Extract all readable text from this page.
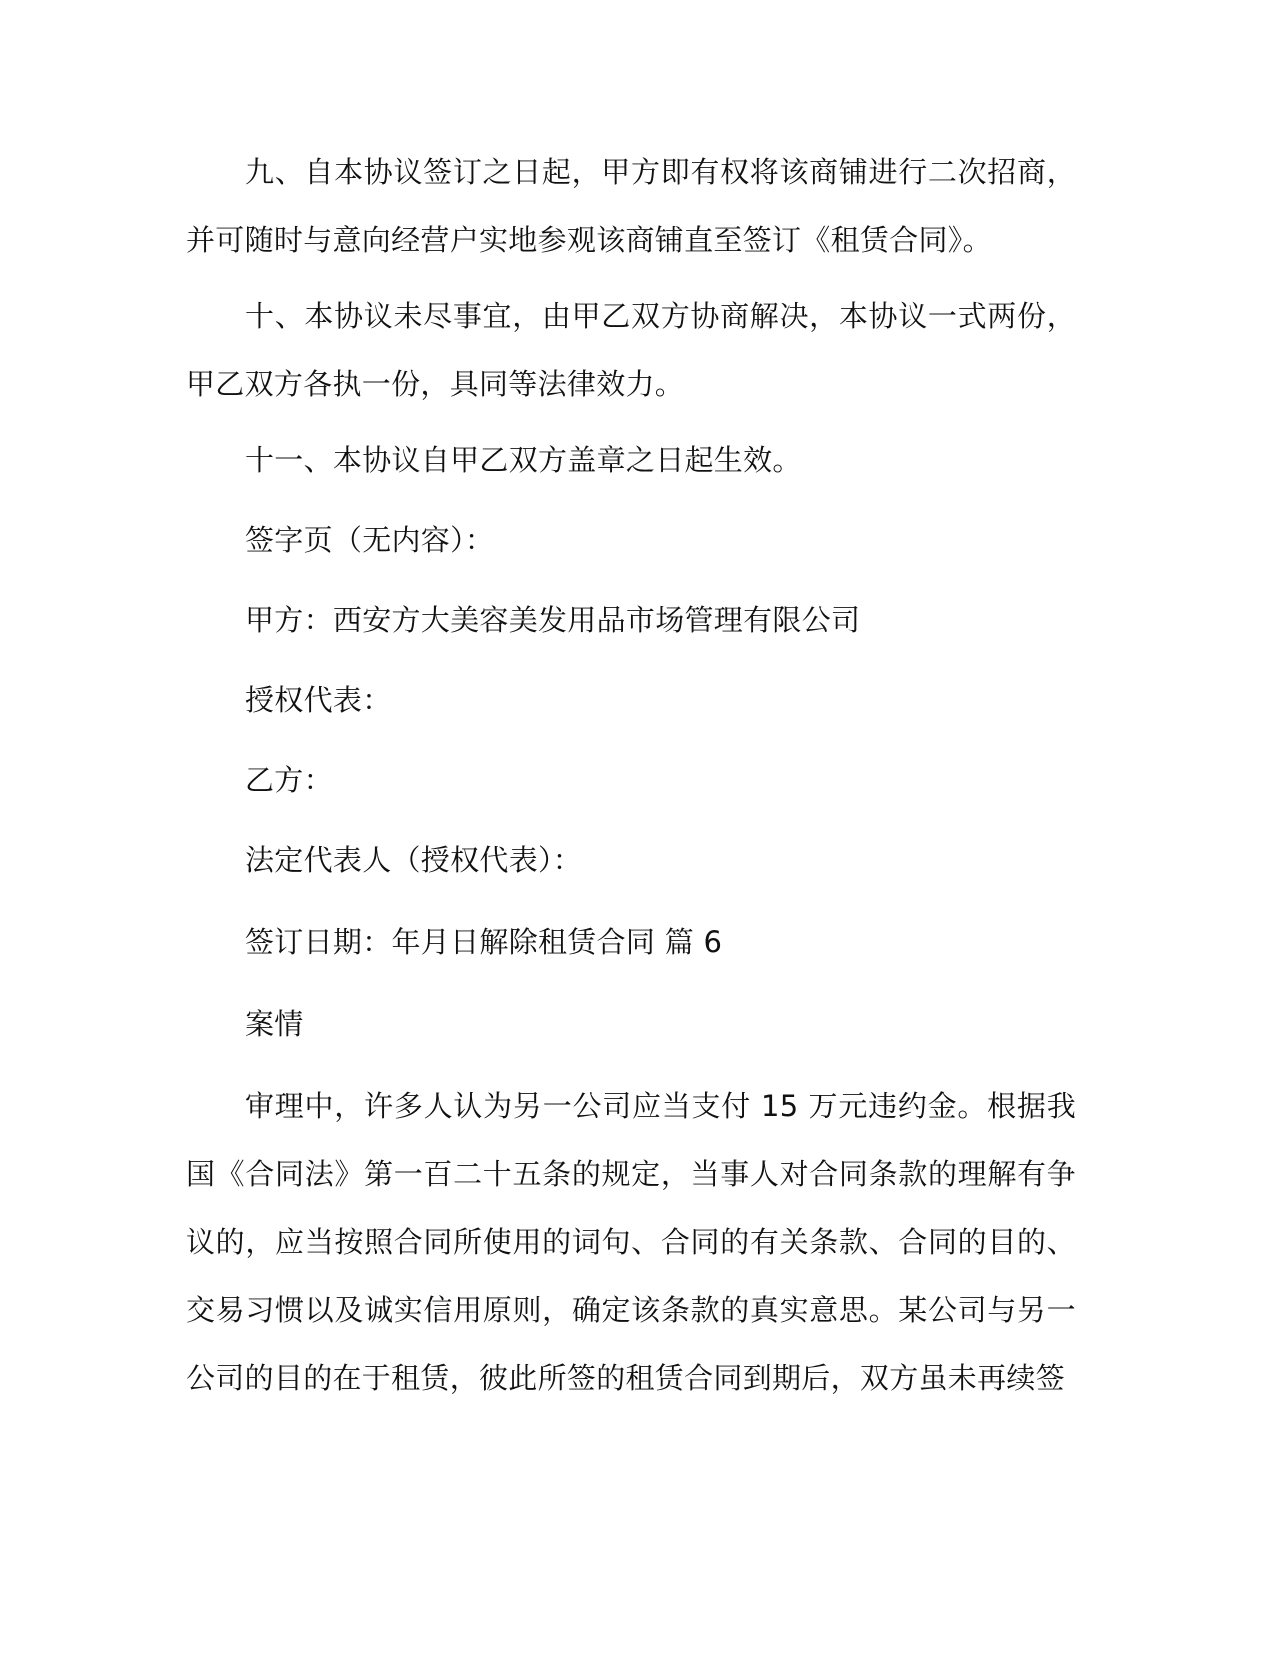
九、自本协议签订之日起，甲方即有权将该商铺进行二次招商，并可随时与意向经营户实地参观该商铺直至签订《租赁合同》。

十、本协议未尽事宜，由甲乙双方协商解决，本协议一式两份，甲乙双方各执一份，具同等法律效力。

十一、本协议自甲乙双方盖章之日起生效。

签字页（无内容）：

甲方：西安方大美容美发用品市场管理有限公司

授权代表：

乙方：

法定代表人（授权代表）：

签订日期：年月日解除租赁合同 篇 6

案情

审理中，许多人认为另一公司应当支付 15 万元违约金。根据我国《合同法》第一百二十五条的规定，当事人对合同条款的理解有争议的，应当按照合同所使用的词句、合同的有关条款、合同的目的、交易习惯以及诚实信用原则，确定该条款的真实意思。某公司与另一公司的目的在于租赁，彼此所签的租赁合同到期后，双方虽未再续签
